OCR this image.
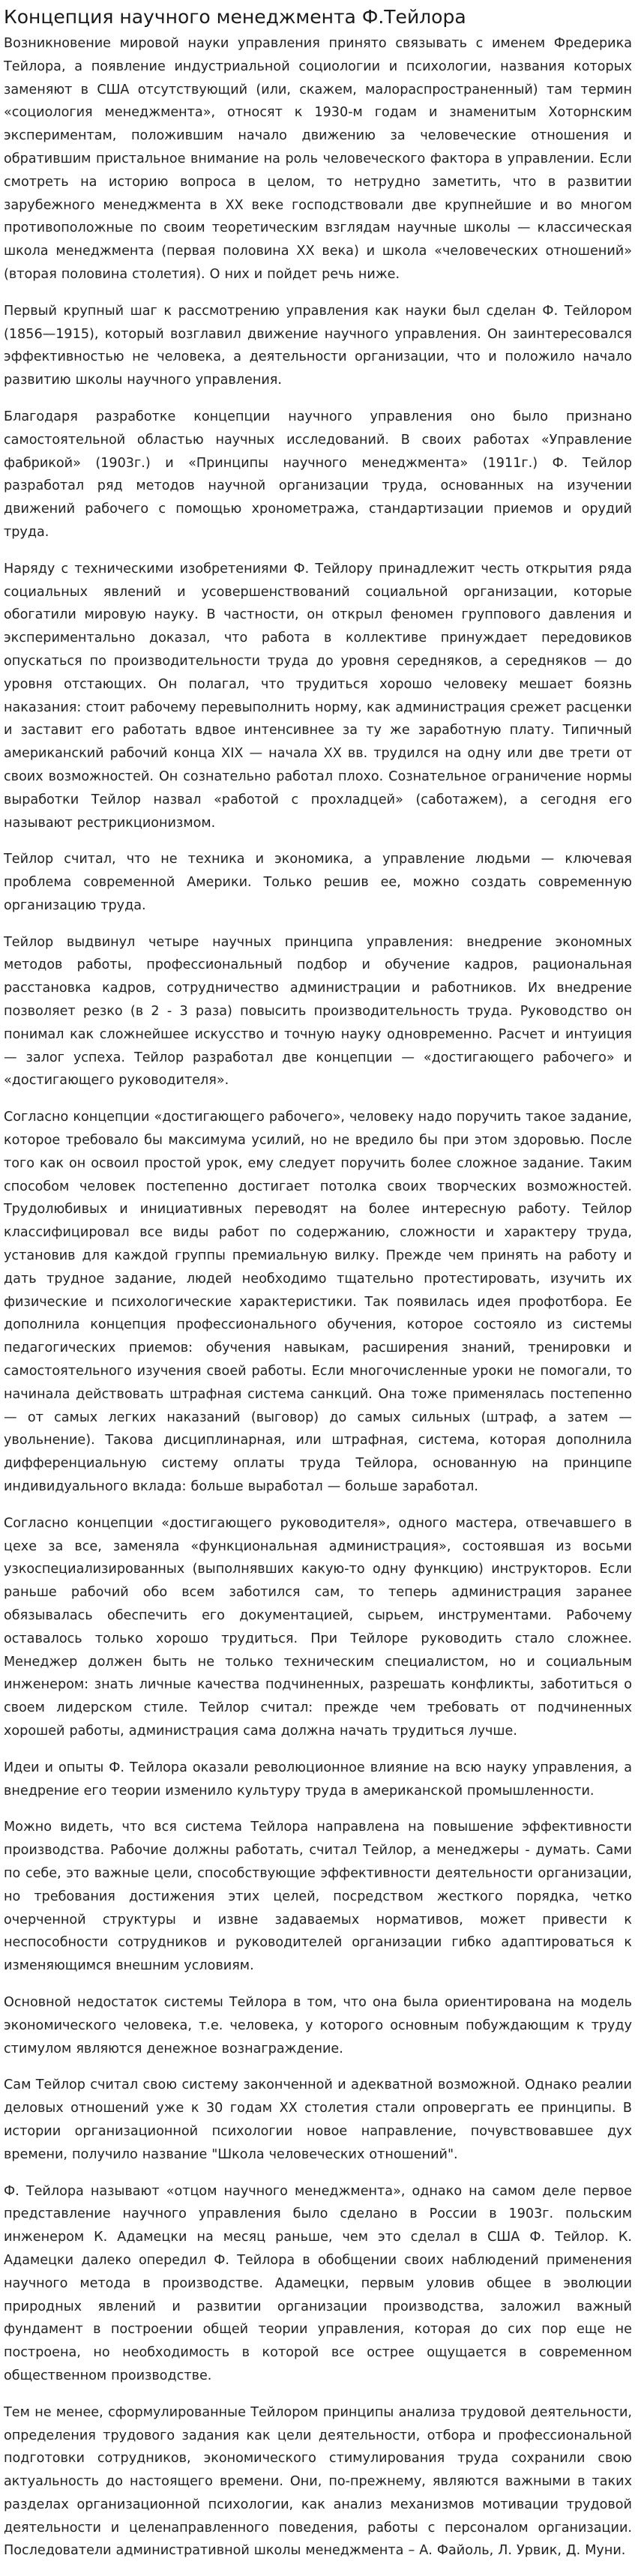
Концепция научного менеджмента Ф.Тейлора

Возникновение мировой науки управления принято связывать с именем Фредерика Тейлора, а появление индустриальной социологии и психологии, названия которых заменяют в США отсутствующий (или, скажем, малораспространенный) там термин «социология менеджмента», относят к 1930-м годам и знаменитым Хоторнским экспериментам, положившим начало движению за человеческие отношения и обратившим пристальное внимание на роль человеческого фактора в управлении. Если смотреть на историю вопроса в целом, то нетрудно заметить, что в развитии зарубежного менеджмента в XX веке господствовали две крупнейшие и во многом противоположные по своим теоретическим взглядам научные школы — классическая школа менеджмента (первая половина XX века) и школа «человеческих отношений» (вторая половина столетия). О них и пойдет речь ниже.

Первый крупный шаг к рассмотрению управления как науки был сделан Ф. Тейлором (1856—1915), который возглавил движение научного управления. Он заинтересовался эффективностью не человека, а деятельности организации, что и положило начало развитию школы научного управления.

Благодаря разработке концепции научного управления оно было признано самостоятельной областью научных исследований. В своих работах «Управление фабрикой» (1903г.) и «Принципы научного менеджмента» (1911г.) Ф. Тейлор разработал ряд методов научной организации труда, основанных на изучении движений рабочего с помощью хронометража, стандартизации приемов и орудий труда.

Наряду с техническими изобретениями Ф. Тейлору принадлежит честь открытия ряда социальных явлений и усовершенствований социальной организации, которые обогатили мировую науку. В частности, он открыл феномен группового давления и экспериментально доказал, что работа в коллективе принуждает передовиков опускаться по производительности труда до уровня середняков, а середняков — до уровня отстающих. Он полагал, что трудиться хорошо человеку мешает боязнь наказания: стоит рабочему перевыполнить норму, как администрация срежет расценки и заставит его работать вдвое интенсивнее за ту же заработную плату. Типичный американский рабочий конца XIX — начала XX вв. трудился на одну или две трети от своих возможностей. Он сознательно работал плохо. Сознательное ограничение нормы выработки Тейлор назвал «работой с прохладцей» (саботажем), а сегодня его называют рестрикционизмом.

Тейлор считал, что не техника и экономика, а управление людьми — ключевая проблема современной Америки. Только решив ее, можно создать современную организацию труда.

Тейлор выдвинул четыре научных принципа управления: внедрение экономных методов работы, профессиональный подбор и обучение кадров, рациональная расстановка кадров, сотрудничество администрации и работников. Их внедрение позволяет резко (в 2 - 3 раза) повысить производительность труда. Руководство он понимал как сложнейшее искусство и точную науку одновременно. Расчет и интуиция — залог успеха. Тейлор разработал две концепции — «достигающего рабочего» и «достигающего руководителя».

Согласно концепции «достигающего рабочего», человеку надо поручить такое задание, которое требовало бы максимума усилий, но не вредило бы при этом здоровью. После того как он освоил простой урок, ему следует поручить более сложное задание. Таким способом человек постепенно достигает потолка своих творческих возможностей. Трудолюбивых и инициативных переводят на более интересную работу. Тейлор классифицировал все виды работ по содержанию, сложности и характеру труда, установив для каждой группы премиальную вилку. Прежде чем принять на работу и дать трудное задание, людей необходимо тщательно протестировать, изучить их физические и психологические характеристики. Так появилась идея профотбора. Ее дополнила концепция профессионального обучения, которое состояло из системы педагогических приемов: обучения навыкам, расширения знаний, тренировки и самостоятельного изучения своей работы. Если многочисленные уроки не помогали, то начинала действовать штрафная система санкций. Она тоже применялась постепенно — от самых легких наказаний (выговор) до самых сильных (штраф, а затем — увольнение). Такова дисциплинарная, или штрафная, система, которая дополнила дифференциальную систему оплаты труда Тейлора, основанную на принципе индивидуального вклада: больше выработал — больше заработал.

Согласно концепции «достигающего руководителя», одного мастера, отвечавшего в цехе за все, заменяла «функциональная администрация», состоявшая из восьми узкоспециализированных (выполнявших какую-то одну функцию) инструкторов. Если раньше рабочий обо всем заботился сам, то теперь администрация заранее обязывалась обеспечить его документацией, сырьем, инструментами. Рабочему оставалось только хорошо трудиться. При Тейлоре руководить стало сложнее. Менеджер должен быть не только техническим специалистом, но и социальным инженером: знать личные качества подчиненных, разрешать конфликты, заботиться о своем лидерском стиле. Тейлор считал: прежде чем требовать от подчиненных хорошей работы, администрация сама должна начать трудиться лучше.

Идеи и опыты Ф. Тейлора оказали революционное влияние на всю науку управления, а внедрение его теории изменило культуру труда в американской промышленности.

Можно видеть, что вся система Тейлора направлена на повышение эффективности производства. Рабочие должны работать, считал Тейлор, а менеджеры - думать. Сами по себе, это важные цели, способствующие эффективности деятельности организации, но требования достижения этих целей, посредством жесткого порядка, четко очерченной структуры и извне задаваемых нормативов, может привести к неспособности сотрудников и руководителей организации гибко адаптироваться к изменяющимся внешним условиям.

Основной недостаток системы Тейлора в том, что она была ориентирована на модель экономического человека, т.е. человека, у которого основным побуждающим к труду стимулом являются денежное вознаграждение.

Сам Тейлор считал свою систему законченной и адекватной возможной. Однако реалии деловых отношений уже к 30 годам XX столетия стали опровергать ее принципы. В истории организационной психологии новое направление, почувствовавшее дух времени, получило название "Школа человеческих отношений".

Ф. Тейлора называют «отцом научного менеджмента», однако на самом деле первое представление научного управления было сделано в России в 1903г. польским инженером К. Адамецки на месяц раньше, чем это сделал в США Ф. Тейлор. К. Адамецки далеко опередил Ф. Тейлора в обобщении своих наблюдений применения научного метода в производстве. Адамецки, первым уловив общее в эволюции природных явлений и развитии организации производства, заложил важный фундамент в построении общей теории управления, которая до сих пор еще не построена, но необходимость в которой все острее ощущается в современном общественном производстве.

Тем не менее, сформулированные Тейлором принципы анализа трудовой деятельности, определения трудового задания как цели деятельности, отбора и профессиональной подготовки сотрудников, экономического стимулирования труда сохранили свою актуальность до настоящего времени. Они, по-прежнему, являются важными в таких разделах организационной психологии, как анализ механизмов мотивации трудовой деятельности и целенаправленного поведения, работы с персоналом организации. Последователи административной школы менеджмента – А. Файоль, Л. Урвик, Д. Муни.
